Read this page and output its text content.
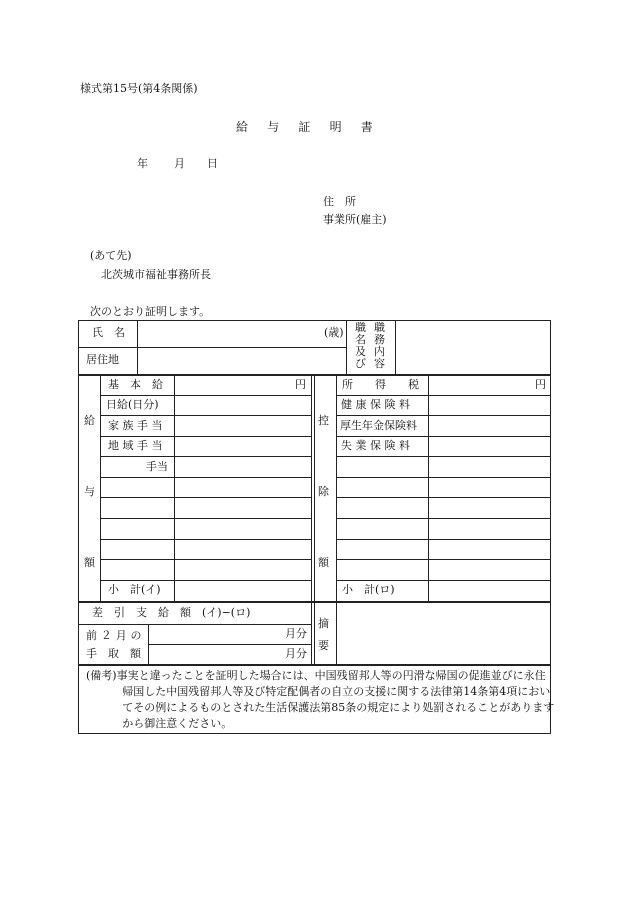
様式第15号(第4条関係)
給　与　証　明　書
年 月 日
住　所
事業所(雇主)
(あて先)
北茨城市福祉事務所長
次のとおり証明します。
氏　名	(歳)
居住地
職名及び
職務内容
給
与
額
控
除
額
基　本　給
日給(日分)
家 族 手 当
地 域 手 当
手当
小　計(イ)
円	所　　得　　税
健 康 保 険 料
厚生年金保険料
失 業 保 険 料
小　計(ロ)
円
差　引　支　給　額　(イ)−(ロ)
前２月の
手　取　額
月分
月分
摘
要
(備考)事実と違ったことを証明した場合には、中国残留邦人等の円滑な帰国の促進並びに永住帰国した中国残留邦人等及び特定配偶者の自立の支援に関する法律第14条第4項においてその例によるものとされた生活保護法第85条の規定により処罰されることがありますから御注意ください。
